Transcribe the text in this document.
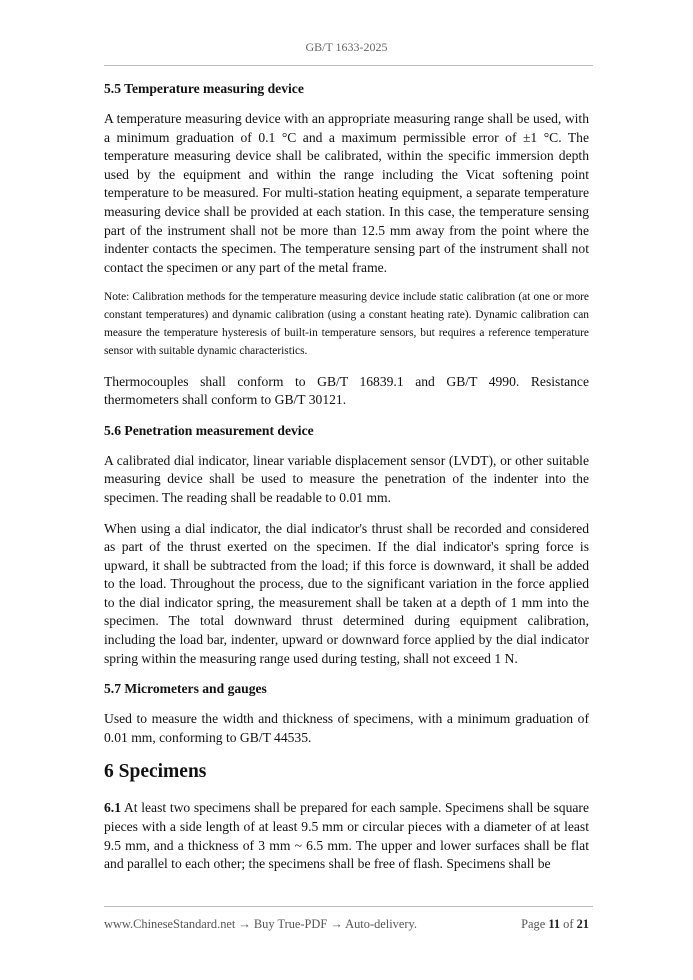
GB/T 1633-2025
5.5 Temperature measuring device

A temperature measuring device with an appropriate measuring range shall be used, with a minimum graduation of 0.1 °C and a maximum permissible error of ±1 °C. The temperature measuring device shall be calibrated, within the specific immersion depth used by the equipment and within the range including the Vicat softening point temperature to be measured. For multi-station heating equipment, a separate temperature measuring device shall be provided at each station. In this case, the temperature sensing part of the instrument shall not be more than 12.5 mm away from the point where the indenter contacts the specimen. The temperature sensing part of the instrument shall not contact the specimen or any part of the metal frame.

Note: Calibration methods for the temperature measuring device include static calibration (at one or more constant temperatures) and dynamic calibration (using a constant heating rate). Dynamic calibration can measure the temperature hysteresis of built-in temperature sensors, but requires a reference temperature sensor with suitable dynamic characteristics.

Thermocouples shall conform to GB/T 16839.1 and GB/T 4990. Resistance thermometers shall conform to GB/T 30121.

5.6 Penetration measurement device

A calibrated dial indicator, linear variable displacement sensor (LVDT), or other suitable measuring device shall be used to measure the penetration of the indenter into the specimen. The reading shall be readable to 0.01 mm.

When using a dial indicator, the dial indicator's thrust shall be recorded and considered as part of the thrust exerted on the specimen. If the dial indicator's spring force is upward, it shall be subtracted from the load; if this force is downward, it shall be added to the load. Throughout the process, due to the significant variation in the force applied to the dial indicator spring, the measurement shall be taken at a depth of 1 mm into the specimen. The total downward thrust determined during equipment calibration, including the load bar, indenter, upward or downward force applied by the dial indicator spring within the measuring range used during testing, shall not exceed 1 N.

5.7 Micrometers and gauges

Used to measure the width and thickness of specimens, with a minimum graduation of 0.01 mm, conforming to GB/T 44535.

6 Specimens

6.1 At least two specimens shall be prepared for each sample. Specimens shall be square pieces with a side length of at least 9.5 mm or circular pieces with a diameter of at least 9.5 mm, and a thickness of 3 mm ~ 6.5 mm. The upper and lower surfaces shall be flat and parallel to each other; the specimens shall be free of flash. Specimens shall be

www.ChineseStandard.net → Buy True-PDF → Auto-delivery.	Page 11 of 21
